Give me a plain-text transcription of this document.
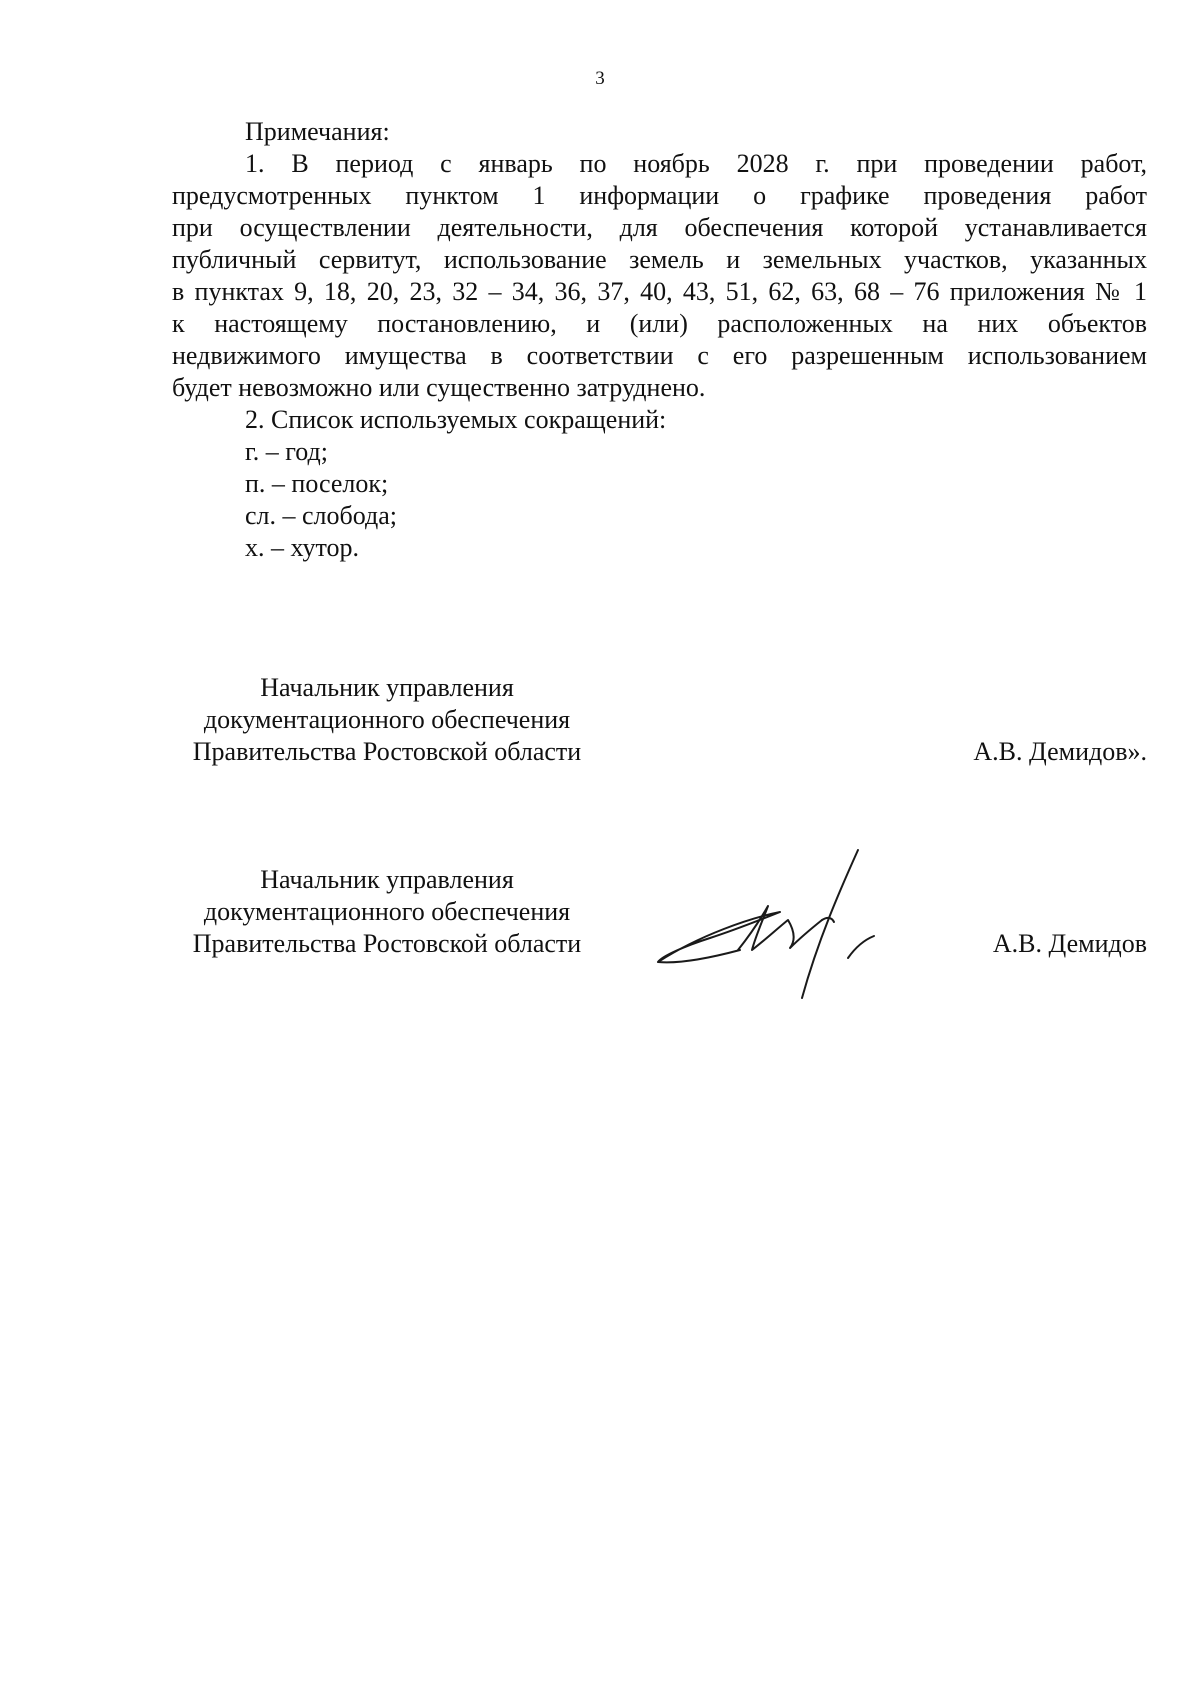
3

Примечания:

1. В период с январь по ноябрь 2028 г. при проведении работ,

предусмотренных пунктом 1 информации о графике проведения работ

при осуществлении деятельности, для обеспечения которой устанавливается

публичный сервитут, использование земель и земельных участков, указанных

в пунктах 9, 18, 20, 23, 32 – 34, 36, 37, 40, 43, 51, 62, 63, 68 – 76 приложения № 1

к настоящему постановлению, и (или) расположенных на них объектов

недвижимого имущества в соответствии с его разрешенным использованием

будет невозможно или существенно затруднено.

2. Список используемых сокращений:

г. – год;

п. – поселок;

сл. – слобода;

х. – хутор.

Начальник управления
документационного обеспечения
Правительства Ростовской области	А.В. Демидов».
Начальник управления
документационного обеспечения
Правительства Ростовской области	А.В. Демидов
